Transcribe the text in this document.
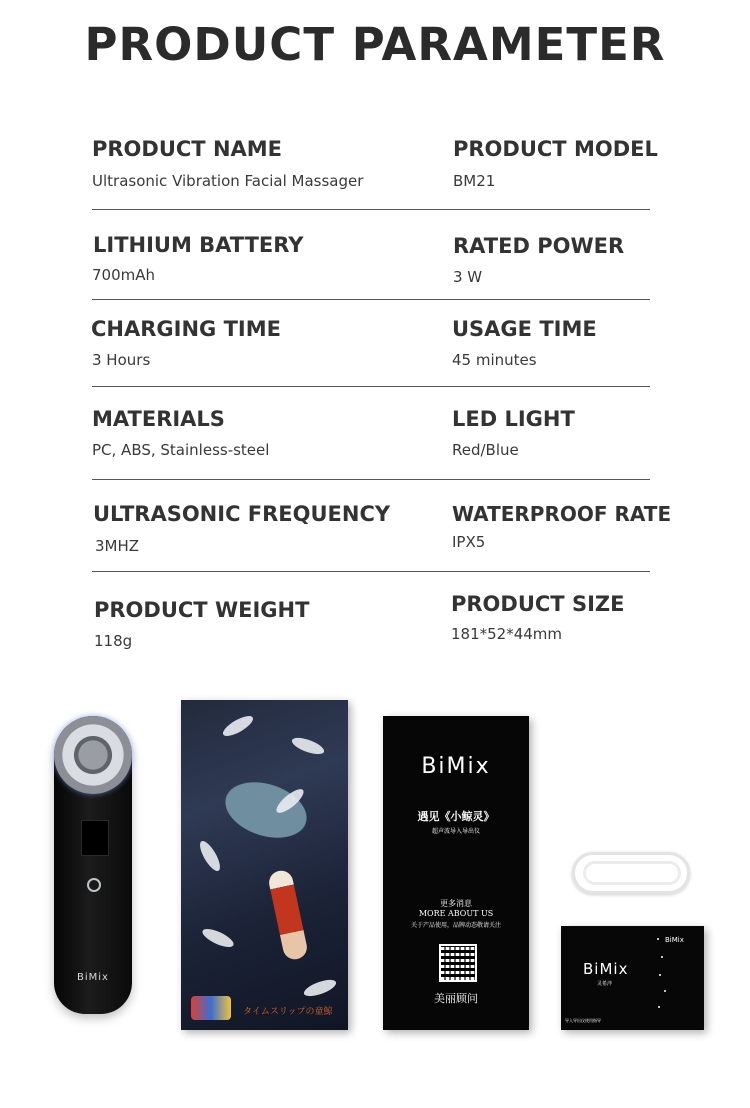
PRODUCT PARAMETER
PRODUCT NAME
Ultrasonic Vibration Facial Massager
PRODUCT MODEL
BM21
LITHIUM BATTERY
700mAh
RATED POWER
3 W
CHARGING TIME
3 Hours
USAGE TIME
45 minutes
MATERIALS
PC, ABS, Stainless-steel
LED LIGHT
Red/Blue
ULTRASONIC FREQUENCY
3MHZ
WATERPROOF RATE
IPX5
PRODUCT WEIGHT
118g
PRODUCT SIZE
181*52*44mm
BiMix
タイムスリップの童鯨
BiMix
遇见《小鲸灵》
超声波导入导出仪
更多消息
MORE ABOUT US
关于产品使用，品牌动态敬请关注
美丽顾问
BiMix
BiMix
灵希泮
导入导出仪使用指导
